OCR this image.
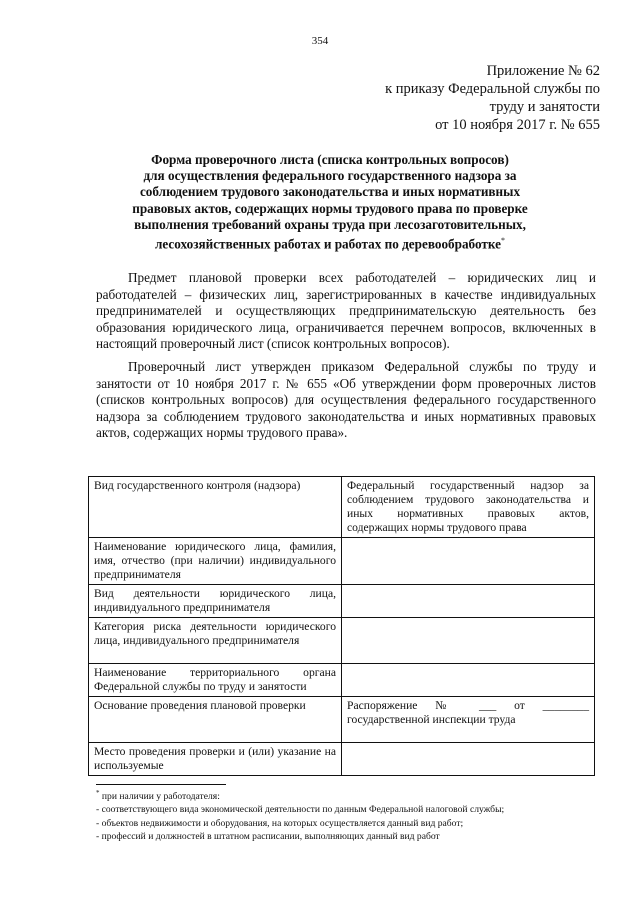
354
Приложение № 62
к приказу Федеральной службы по
труду и занятости
от 10 ноября 2017 г. № 655
Форма проверочного листа (списка контрольных вопросов)
для осуществления федерального государственного надзора за
соблюдением трудового законодательства и иных нормативных
правовых актов, содержащих нормы трудового права по проверке
выполнения требований охраны труда при лесозаготовительных,
лесохозяйственных работах и работах по деревообработке*

Предмет плановой проверки всех работодателей – юридических лиц и работодателей – физических лиц, зарегистрированных в качестве индивидуальных предпринимателей и осуществляющих предпринимательскую деятельность без образования юридического лица, ограничивается перечнем вопросов, включенных в настоящий проверочный лист (список контрольных вопросов).

Проверочный лист утвержден приказом Федеральной службы по труду и занятости от 10 ноября 2017 г. № 655 «Об утверждении форм проверочных листов (списков контрольных вопросов) для осуществления федерального государственного надзора за соблюдением трудового законодательства и иных нормативных правовых актов, содержащих нормы трудового права».

Вид государственного контроля (надзора)	Федеральный государственный надзор за соблюдением трудового законодательства и иных нормативных правовых актов, содержащих нормы трудового права
Наименование юридического лица, фамилия, имя, отчество (при наличии) индивидуального предпринимателя	
Вид деятельности юридического лица, индивидуального предпринимателя	
Категория риска деятельности юридического лица, индивидуального предпринимателя	
Наименование территориального органа Федеральной службы по труду и занятости	
Основание проведения плановой проверки	Распоряжение № ___ от ________ государственной инспекции труда
Место проведения проверки и (или) указание на используемые	
* при наличии у работодателя:
- соответствующего вида экономической деятельности по данным Федеральной налоговой службы;
- объектов недвижимости и оборудования, на которых осуществляется данный вид работ;
- профессий и должностей в штатном расписании, выполняющих данный вид работ
